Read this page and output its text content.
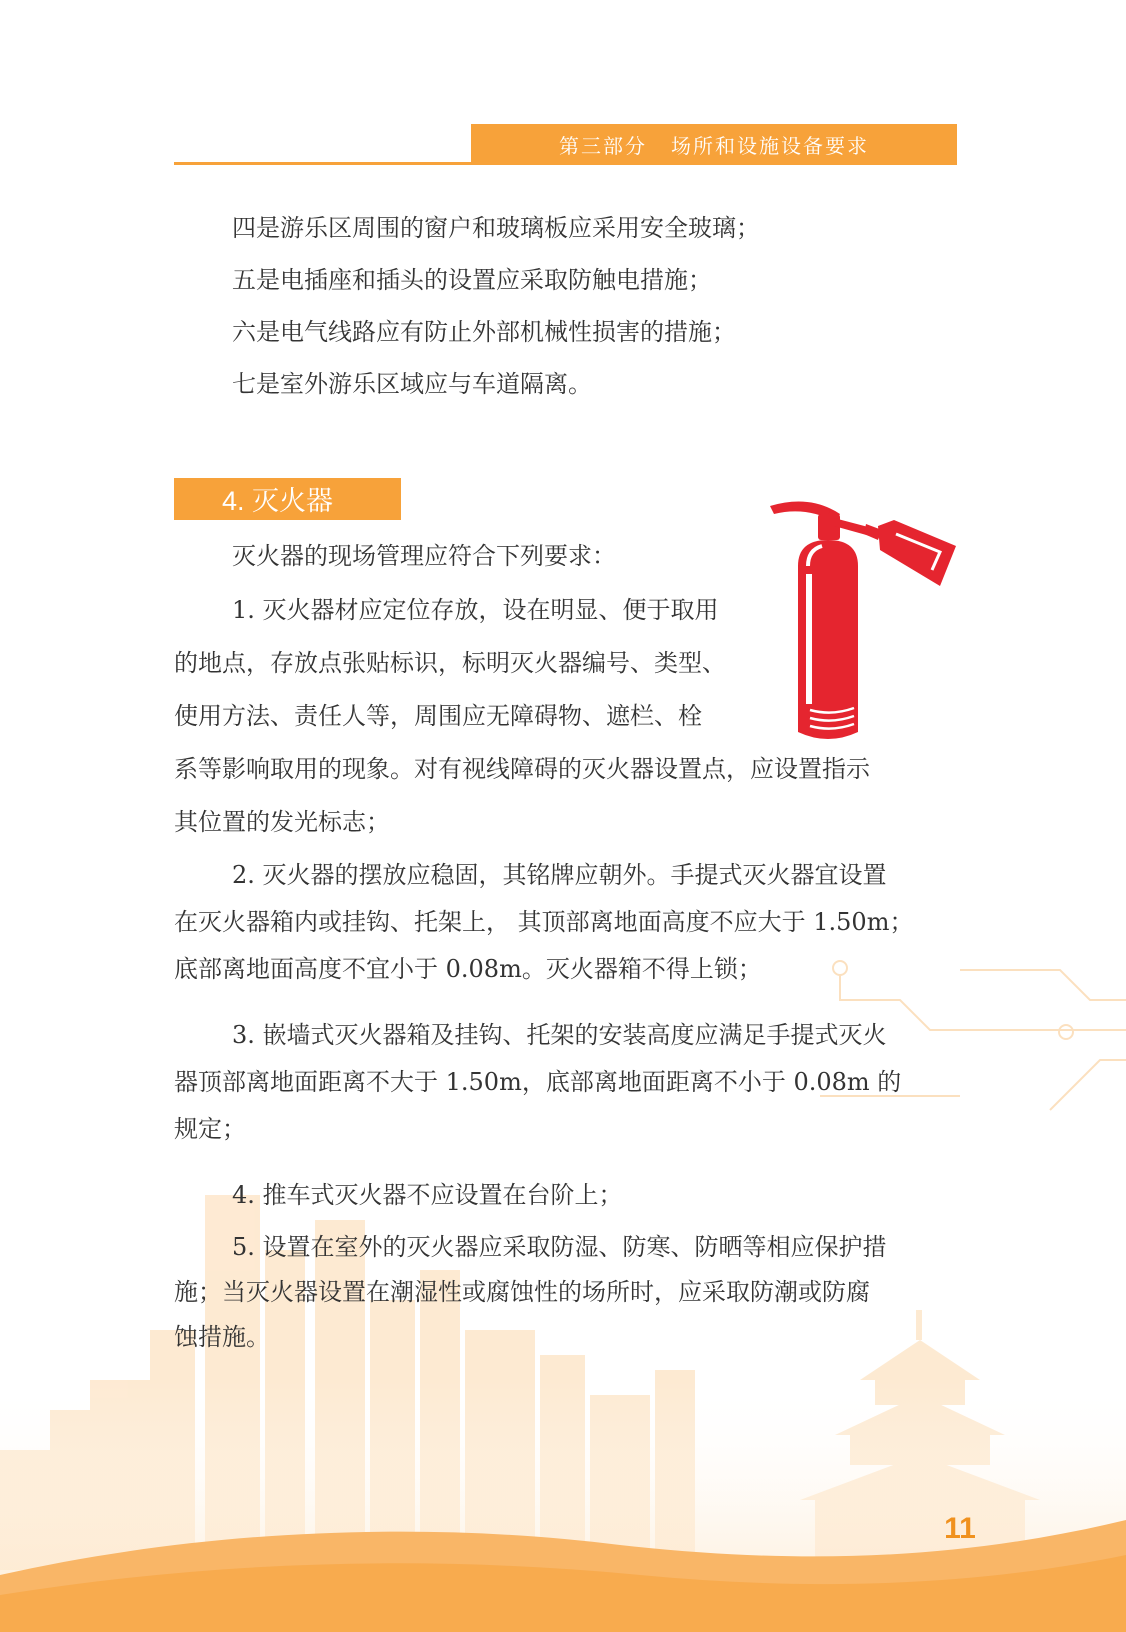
第三部分 场所和设施设备要求
四是游乐区周围的窗户和玻璃板应采用安全玻璃；
五是电插座和插头的设置应采取防触电措施；
六是电气线路应有防止外部机械性损害的措施；
七是室外游乐区域应与车道隔离。
4. 灭火器
灭火器的现场管理应符合下列要求：
1. 灭火器材应定位存放，设在明显、便于取用
的地点，存放点张贴标识，标明灭火器编号、类型、
使用方法、责任人等，周围应无障碍物、遮栏、栓
系等影响取用的现象。对有视线障碍的灭火器设置点，应设置指示
其位置的发光标志；
2. 灭火器的摆放应稳固，其铭牌应朝外。手提式灭火器宜设置
在灭火器箱内或挂钩、托架上， 其顶部离地面高度不应大于 1.50m；
底部离地面高度不宜小于 0.08m。灭火器箱不得上锁；
3. 嵌墙式灭火器箱及挂钩、托架的安装高度应满足手提式灭火
器顶部离地面距离不大于 1.50m，底部离地面距离不小于 0.08m 的
规定；
4. 推车式灭火器不应设置在台阶上；
5. 设置在室外的灭火器应采取防湿、防寒、防晒等相应保护措
施；当灭火器设置在潮湿性或腐蚀性的场所时，应采取防潮或防腐
蚀措施。
11
